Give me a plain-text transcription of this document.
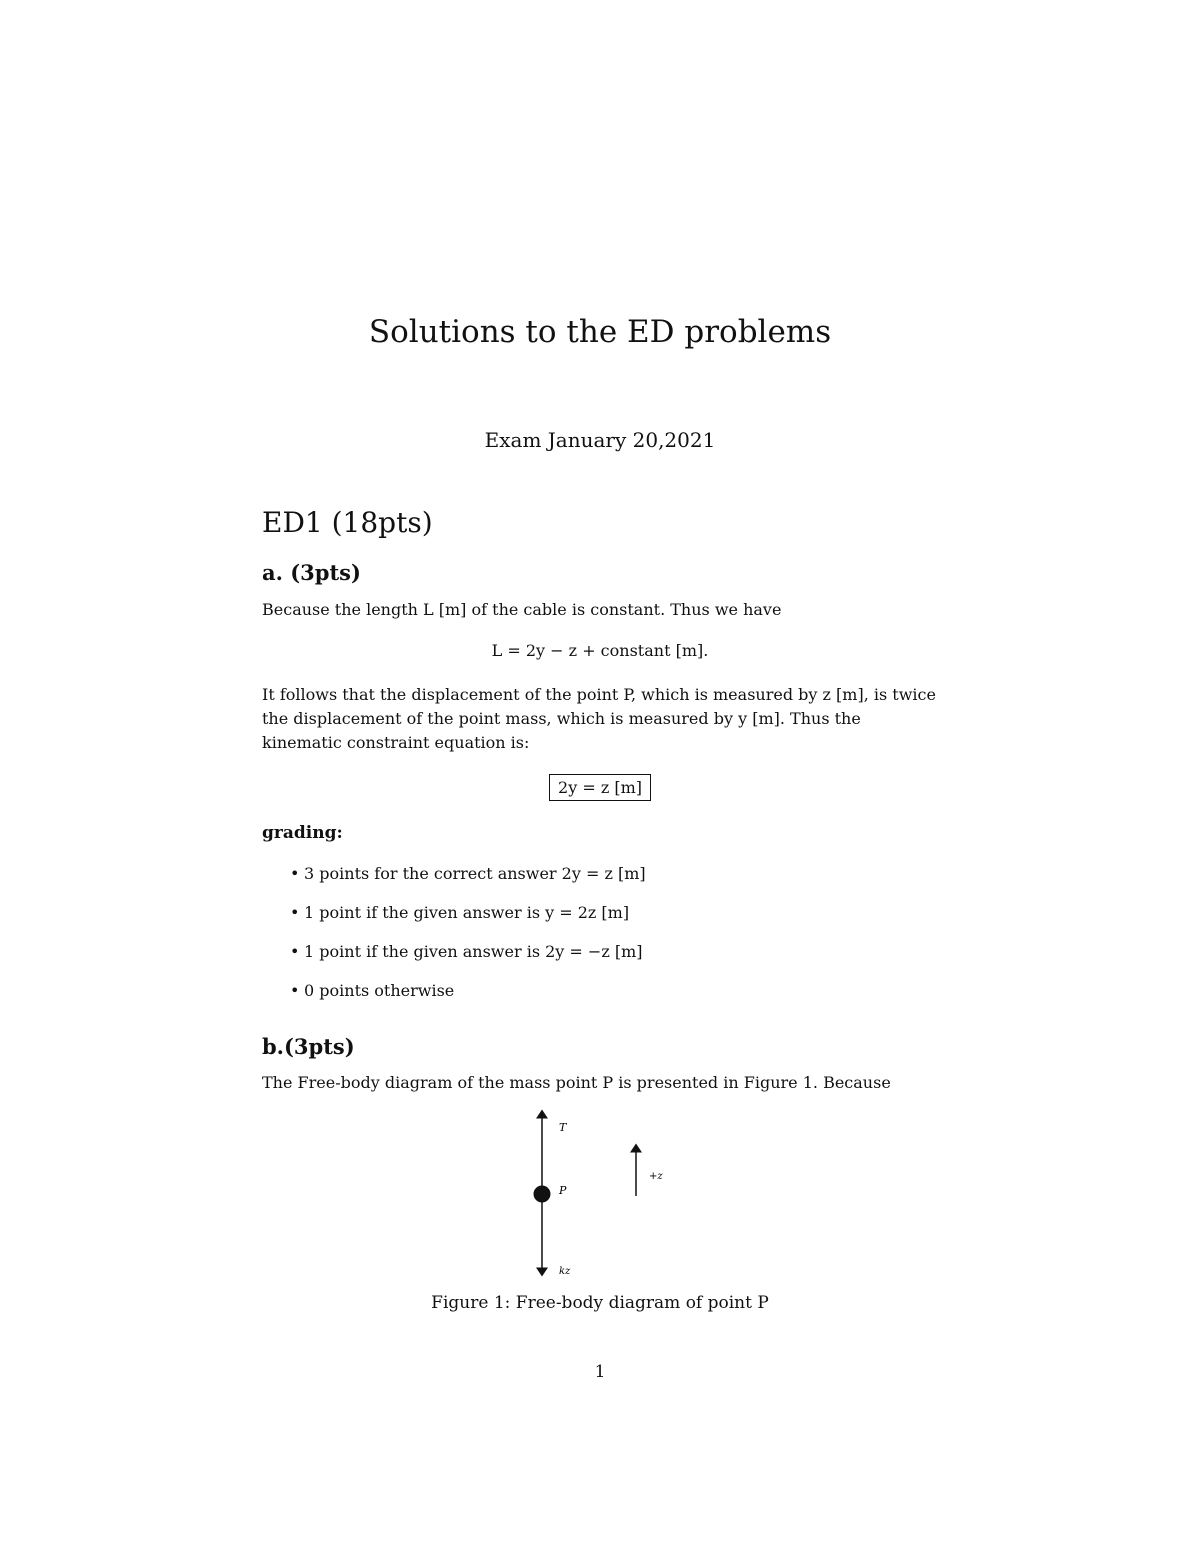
Solutions to the ED problems
Exam January 20,2021
ED1 (18pts)
a. (3pts)

Because the length L [m] of the cable is constant. Thus we have

L = 2y − z + constant [m].

It follows that the displacement of the point P, which is measured by z [m], is twice the displacement of the point mass, which is measured by y [m]. Thus the kinematic constraint equation is:

2y = z [m]
grading:
• 3 points for the correct answer 2y = z [m]
• 1 point if the given answer is y = 2z [m]
• 1 point if the given answer is 2y = −z [m]
• 0 points otherwise
b.(3pts)

The Free-body diagram of the mass point P is presented in Figure 1. Because

T
P
kz
+z
Figure 1: Free-body diagram of point P
1
